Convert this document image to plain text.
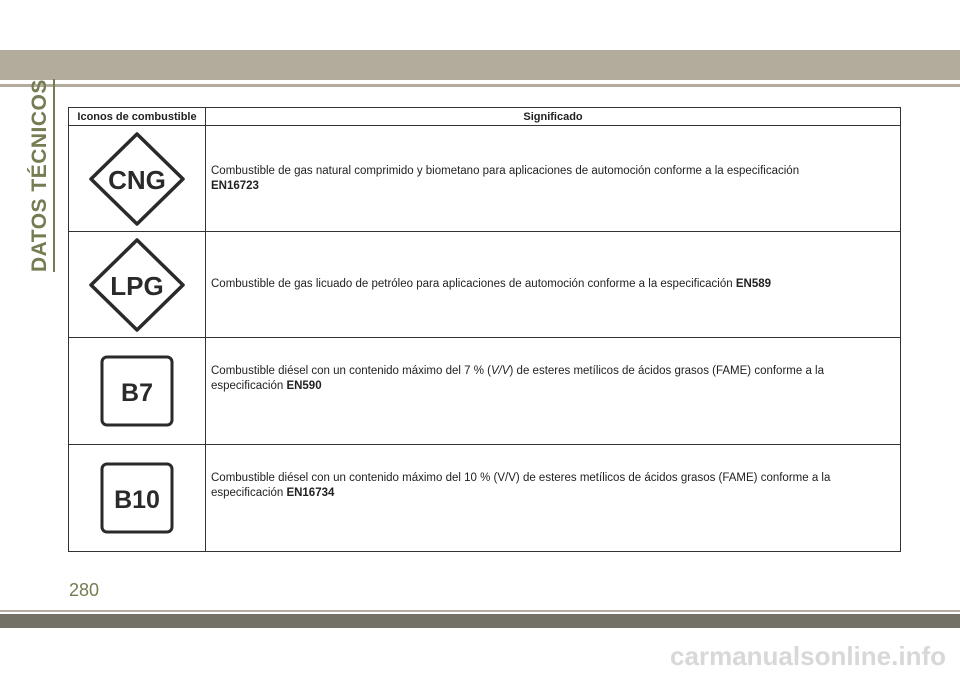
DATOS TÉCNICOS	Iconos de combustible	Significado

CNG	Combustible de gas natural comprimido y biometano para aplicaciones de automoción conforme a la especificación
EN16723

LPG	Combustible de gas licuado de petróleo para aplicaciones de automoción conforme a la especificación EN589

B7	Combustible diésel con un contenido máximo del 7 % (V/V) de esteres metílicos de ácidos grasos (FAME) conforme a la especificación EN590

B10	Combustible diésel con un contenido máximo del 10 % (V/V) de esteres metílicos de ácidos grasos (FAME) conforme a la especificación EN16734
280
carmanualsonline.info
